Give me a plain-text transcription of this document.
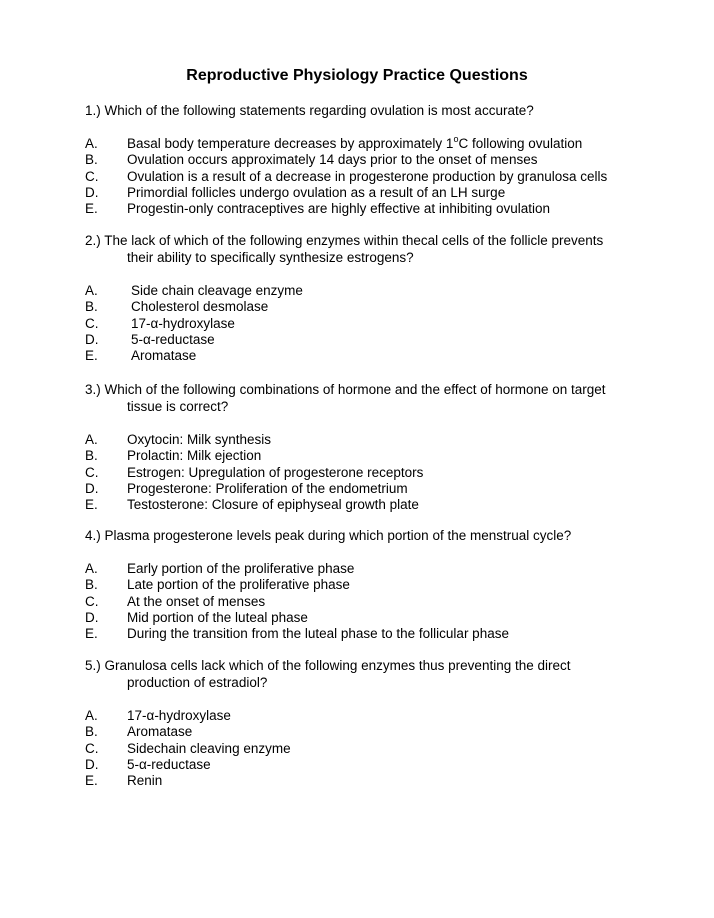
Reproductive Physiology Practice Questions
1.) Which of the following statements regarding ovulation is most accurate?
A.	Basal body temperature decreases by approximately 1$^o$C following ovulation
B.	Ovulation occurs approximately 14 days prior to the onset of menses
C.	Ovulation is a result of a decrease in progesterone production by granulosa cells
D.	Primordial follicles undergo ovulation as a result of an LH surge
E.	Progestin-only contraceptives are highly effective at inhibiting ovulation
2.) The lack of which of the following enzymes within thecal cells of the follicle prevents
their ability to specifically synthesize estrogens?
A.	Side chain cleavage enzyme
B.	Cholesterol desmolase
C.	17-α-hydroxylase
D.	5-α-reductase
E.	Aromatase
3.) Which of the following combinations of hormone and the effect of hormone on target
tissue is correct?
A.	Oxytocin: Milk synthesis
B.	Prolactin: Milk ejection
C.	Estrogen: Upregulation of progesterone receptors
D.	Progesterone: Proliferation of the endometrium
E.	Testosterone: Closure of epiphyseal growth plate
4.) Plasma progesterone levels peak during which portion of the menstrual cycle?
A.	Early portion of the proliferative phase
B.	Late portion of the proliferative phase
C.	At the onset of menses
D.	Mid portion of the luteal phase
E.	During the transition from the luteal phase to the follicular phase
5.) Granulosa cells lack which of the following enzymes thus preventing the direct
production of estradiol?
A.	17-α-hydroxylase
B.	Aromatase
C.	Sidechain cleaving enzyme
D.	5-α-reductase
E.	Renin
